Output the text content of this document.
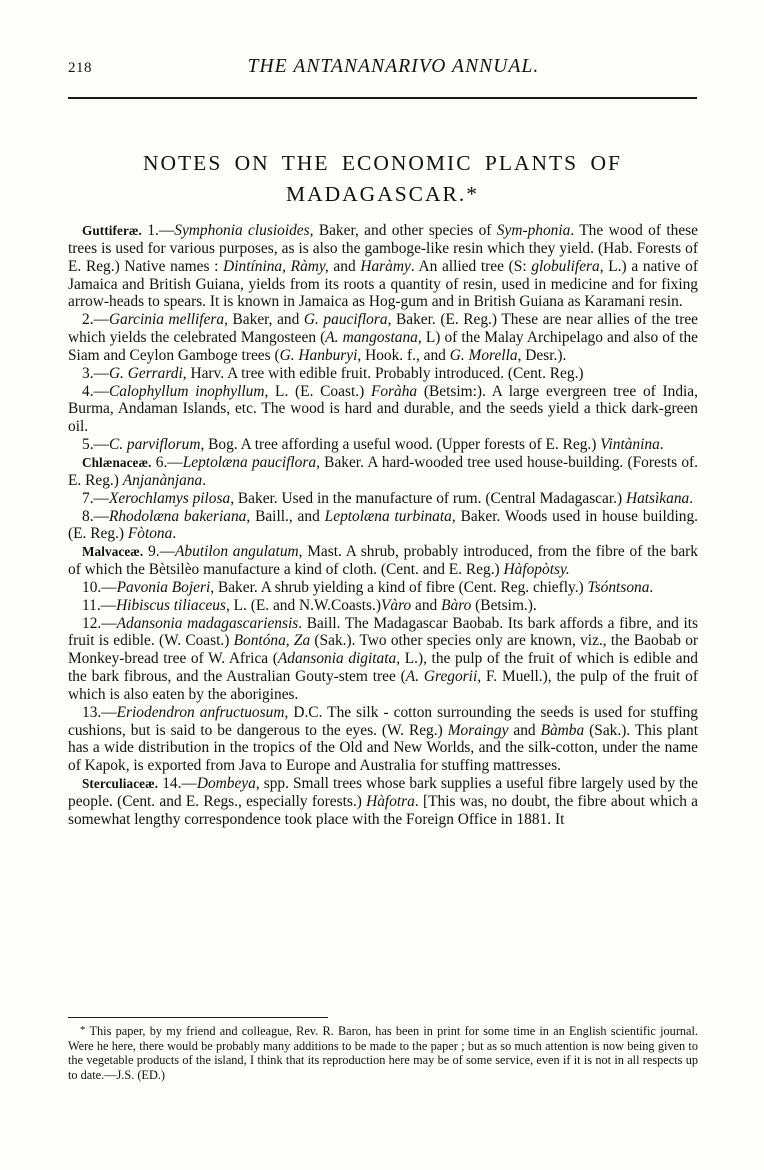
218	THE ANTANANARIVO ANNUAL.
NOTES ON THE ECONOMIC PLANTS OF
MADAGASCAR.*

Guttiferæ. 1.—Symphonia clusioides, Baker, and other species of Sym-phonia. The wood of these trees is used for various purposes, as is also the gamboge-like resin which they yield. (Hab. Forests of E. Reg.) Native names : Dintínina, Ràmy, and Haràmy. An allied tree (S: globulifera, L.) a native of Jamaica and British Guiana, yields from its roots a quantity of resin, used in medicine and for fixing arrow-heads to spears. It is known in Jamaica as Hog-gum and in British Guiana as Karamani resin.

2.—Garcinia mellifera, Baker, and G. pauciflora, Baker. (E. Reg.) These are near allies of the tree which yields the celebrated Mangosteen (A. mangostana, L) of the Malay Archipelago and also of the Siam and Ceylon Gamboge trees (G. Hanburyi, Hook. f., and G. Morella, Desr.).

3.—G. Gerrardi, Harv. A tree with edible fruit. Probably introduced. (Cent. Reg.)

4.—Calophyllum inophyllum, L. (E. Coast.) Foràha (Betsim:). A large evergreen tree of India, Burma, Andaman Islands, etc. The wood is hard and durable, and the seeds yield a thick dark-green oil.

5.—C. parviflorum, Bog. A tree affording a useful wood. (Upper forests of E. Reg.) Vintànina.

Chlænaceæ. 6.—Leptolæna pauciflora, Baker. A hard-wooded tree used house-building. (Forests of. E. Reg.) Anjanànjana.

7.—Xerochlamys pilosa, Baker. Used in the manufacture of rum. (Central Madagascar.) Hatsìkana.

8.—Rhodolæna bakeriana, Baill., and Leptolæna turbinata, Baker. Woods used in house building. (E. Reg.) Fòtona.

Malvaceæ. 9.—Abutilon angulatum, Mast. A shrub, probably introduced, from the fibre of the bark of which the Bètsilèo manufacture a kind of cloth. (Cent. and E. Reg.) Hàfopòtsy.

10.—Pavonia Bojeri, Baker. A shrub yielding a kind of fibre (Cent. Reg. chiefly.) Tsóntsona.

11.—Hibiscus tiliaceus, L. (E. and N.W.Coasts.)Vàro and Bàro (Betsim.).

12.—Adansonia madagascariensis. Baill. The Madagascar Baobab. Its bark affords a fibre, and its fruit is edible. (W. Coast.) Bontóna, Za (Sak.). Two other species only are known, viz., the Baobab or Monkey-bread tree of W. Africa (Adansonia digitata, L.), the pulp of the fruit of which is edible and the bark fibrous, and the Australian Gouty-stem tree (A. Gregorii, F. Muell.), the pulp of the fruit of which is also eaten by the aborigines.

13.—Eriodendron anfructuosum, D.C. The silk - cotton surrounding the seeds is used for stuffing cushions, but is said to be dangerous to the eyes. (W. Reg.) Moraingy and Bàmba (Sak.). This plant has a wide distribution in the tropics of the Old and New Worlds, and the silk-cotton, under the name of Kapok, is exported from Java to Europe and Australia for stuffing mattresses.

Sterculiaceæ. 14.—Dombeya, spp. Small trees whose bark supplies a useful fibre largely used by the people. (Cent. and E. Regs., especially forests.) Hàfotra. [This was, no doubt, the fibre about which a somewhat lengthy correspondence took place with the Foreign Office in 1881. It

* This paper, by my friend and colleague, Rev. R. Baron, has been in print for some time in an English scientific journal. Were he here, there would be probably many additions to be made to the paper ; but as so much attention is now being given to the vegetable products of the island, I think that its reproduction here may be of some service, even if it is not in all respects up to date.—J.S. (ED.)
